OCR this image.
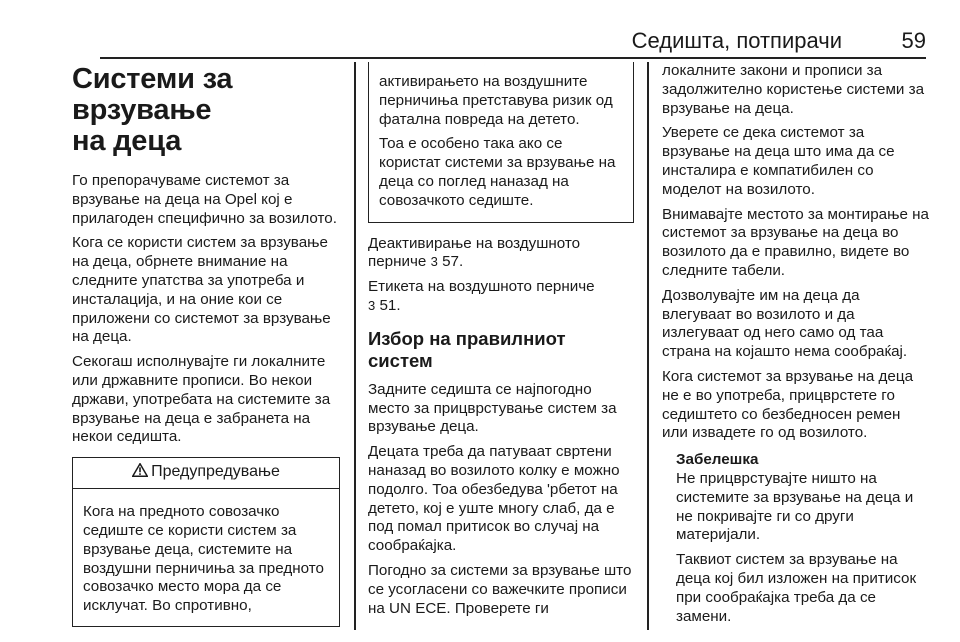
Седишта, потпирачи	59
Системи за врзување
на деца

Го препорачуваме системот за врзување на деца на Opel кој е прилагоден специфично за возилото.

Кога се користи систем за врзување на деца, обрнете внимание на следните упатства за употреба и инсталација, и на оние кои се приложени со системот за врзување на деца.

Секогаш исполнувајте ги локалните или државните прописи. Во некои држави, употребата на системите за врзување на деца е забранета на некои седишта.

Предупредување

Кога на предното совозачко седиште се користи систем за врзување деца, системите на воздушни перничиња за предното совозачко место мора да се исклучат. Во спротивно,

активирањето на воздушните перничиња претставува ризик од фатална повреда на детето.

Тоа е особено така ако се користат системи за врзување на деца со поглед наназад на совозачкото седиште.

Деактивирање на воздушното перниче 3 57.

Етикета на воздушното перниче
3 51.

Избор на правилниот систем

Задните седишта се најпогодно место за прицврстување систем за врзување деца.

Децата треба да патуваат свртени наназад во возилото колку е можно подолго. Тоа обезбедува 'рбетот на детето, кој е уште многу слаб, да е под помал притисок во случај на сообраќајка.

Погодно за системи за врзување што се усогласени со важечките прописи на UN ECE. Проверете ги

локалните закони и прописи за задолжително користење системи за врзување на деца.

Уверете се дека системот за врзување на деца што има да се инсталира е компатибилен со моделот на возилото.

Внимавајте местото за монтирање на системот за врзување на деца во возилото да е правилно, видете во следните табели.

Дозволувајте им на деца да влегуваат во возилото и да излегуваат од него само од таа страна на којашто нема сообраќај.

Кога системот за врзување на деца не е во употреба, прицврстете го седиштето со безбедносен ремен или извадете го од возилото.

Забелешка

Не прицврстувајте ништо на системите за врзување на деца и не покривајте ги со други материјали.

Таквиот систем за врзување на деца кој бил изложен на притисок при сообраќајка треба да се замени.
